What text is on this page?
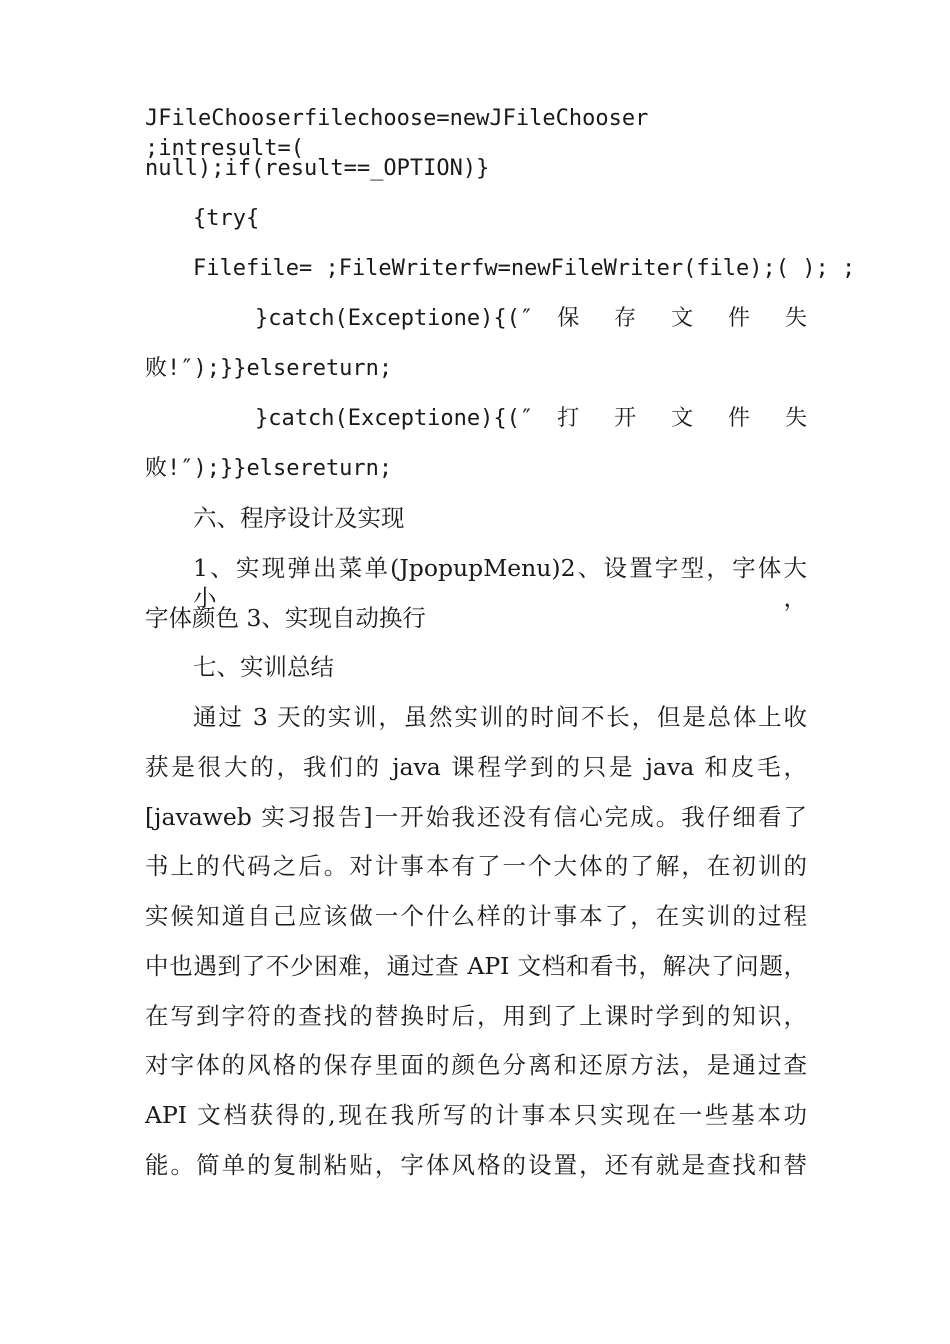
JFileChooserfilechoose=newJFileChooser ;intresult=(
null);if(result==_OPTION)}
{try{
Filefile= ;FileWriterfw=newFileWriter(file);( ); ;
}catch(Exceptione){(″ 保 存 文 件 失
败!″);}}elsereturn;
}catch(Exceptione){(″ 打 开 文 件 失
败!″);}}elsereturn;
六、程序设计及实现
1、实现弹出菜单(JpopupMenu)2、设置字型，字体大小，
字体颜色 3、实现自动换行
七、实训总结
通过 3 天的实训，虽然实训的时间不长，但是总体上收
获是很大的，我们的 java 课程学到的只是 java 和皮毛，
[javaweb 实习报告]一开始我还没有信心完成。我仔细看了
书上的代码之后。对计事本有了一个大体的了解，在初训的
实候知道自己应该做一个什么样的计事本了，在实训的过程
中也遇到了不少困难，通过查 API 文档和看书，解决了问题，
在写到字符的查找的替换时后，用到了上课时学到的知识，
对字体的风格的保存里面的颜色分离和还原方法，是通过查
API 文档获得的,现在我所写的计事本只实现在一些基本功
能。简单的复制粘贴，字体风格的设置，还有就是查找和替
